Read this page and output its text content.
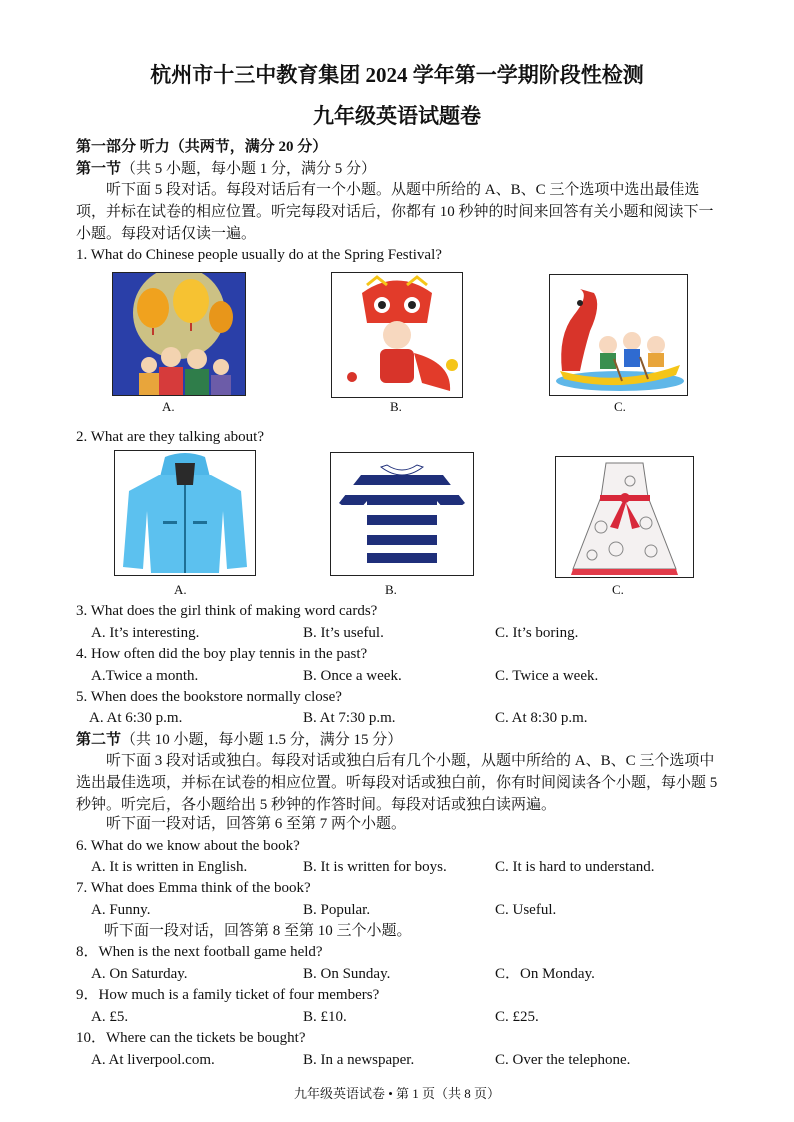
杭州市十三中教育集团 2024 学年第一学期阶段性检测
九年级英语试题卷
第一部分 听力（共两节，满分 20 分）
第一节（共 5 小题，每小题 1 分，满分 5 分）
听下面 5 段对话。每段对话后有一个小题。从题中所给的 A、B、C 三个选项中选出最佳选项，并标在试卷的相应位置。听完每段对话后，你都有 10 秒钟的时间来回答有关小题和阅读下一小题。每段对话仅读一遍。
1. What do Chinese people usually do at the Spring Festival?
A.	B.	C.
2. What are they talking about?
A.	B.	C.
3. What does the girl think of making word cards?
A. It’s interesting.	B. It’s useful.	C. It’s boring.
4. How often did the boy play tennis in the past?
A.Twice a month.	B. Once a week.	C. Twice a week.
5. When does the bookstore normally close?
A. At 6:30 p.m.	B. At 7:30 p.m.	C. At 8:30 p.m.
第二节（共 10 小题，每小题 1.5 分，满分 15 分）
听下面 3 段对话或独白。每段对话或独白后有几个小题，从题中所给的 A、B、C 三个选项中选出最佳选项，并标在试卷的相应位置。听每段对话或独白前，你有时间阅读各个小题，每小题 5 秒钟。听完后，各小题给出 5 秒钟的作答时间。每段对话或独白读两遍。
听下面一段对话，回答第 6 至第 7 两个小题。
6. What do we know about the book?
A. It is written in English.	B. It is written for boys.	C. It is hard to understand.
7. What does Emma think of the book?
A. Funny.	B. Popular.	C. Useful.
听下面一段对话，回答第 8 至第 10 三个小题。
8．When is the next football game held?
A. On Saturday.	B. On Sunday.	C．On Monday.
9．How much is a family ticket of four members?
A. £5.	B. £10.	C. £25.
10．Where can the tickets be bought?
A. At liverpool.com.	B. In a newspaper.	C. Over the telephone.
九年级英语试卷 • 第 1 页（共 8 页）
